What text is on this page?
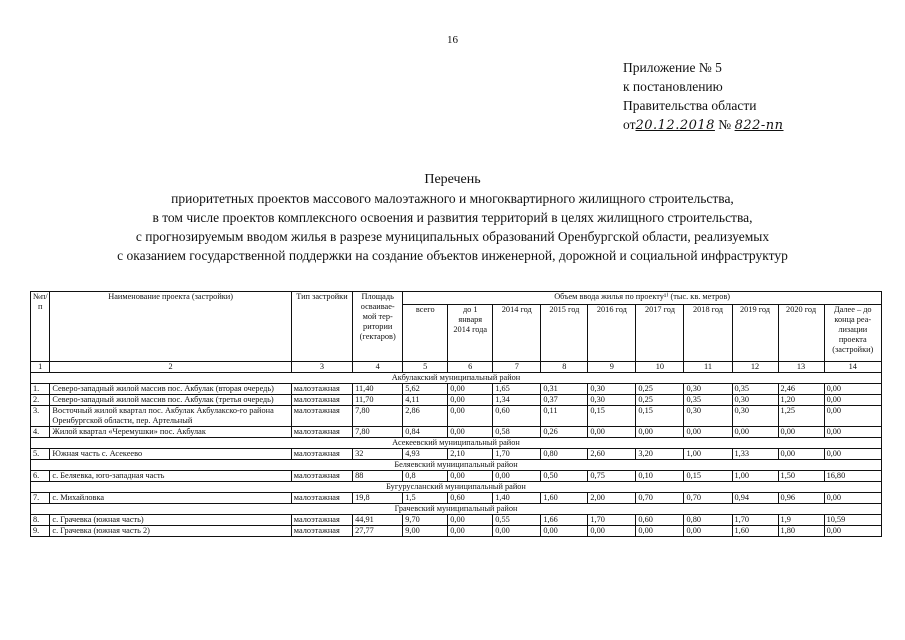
16
Приложение № 5
к постановлению
Правительства области
от20.12.2018 № 822-пп
Перечень
приоритетных проектов массового малоэтажного и многоквартирного жилищного строительства,
в том числе проектов комплексного освоения и развития территорий в целях жилищного строительства,
с прогнозируемым вводом жилья в разрезе муниципальных образований Оренбургской области, реализуемых
с оказанием государственной поддержки на создание объектов инженерной, дорожной и социальной инфраструктур
№п/п	Наименование проекта (застройки)	Тип застройки	Площадь осваивае-мой тер-ритории (гектаров)	Объем ввода жилья по проекту¹⁾ (тыс. кв. метров)									
				всего	до 1 января 2014 года	2014 год	2015 год	2016 год	2017 год	2018 год	2019 год	2020 год	Далее – до конца реа-лизации проекта (застройки)
1	2	3	4	5	6	7	8	9	10	11	12	13	14
Акбулакский муниципальный район													
1.	Северо-западный жилой массив пос. Акбулак (вторая очередь)	малоэтажная	11,40	5,62	0,00	1,65	0,31	0,30	0,25	0,30	0,35	2,46	0,00
2.	Северо-западный жилой массив пос. Акбулак (третья очередь)	малоэтажная	11,70	4,11	0,00	1,34	0,37	0,30	0,25	0,35	0,30	1,20	0,00
3.	Восточный жилой квартал пос. Акбулак Акбулакско-го района Оренбургской области, пер. Артельный	малоэтажная	7,80	2,86	0,00	0,60	0,11	0,15	0,15	0,30	0,30	1,25	0,00
4.	Жилой квартал «Черемушки» пос. Акбулак	малоэтажная	7,80	0,84	0,00	0,58	0,26	0,00	0,00	0,00	0,00	0,00	0,00
Асекеевский муниципальный район													
5.	Южная часть с. Асекеево	малоэтажная	32	4,93	2,10	1,70	0,80	2,60	3,20	1,00	1,33	0,00	0,00
Беляевский муниципальный район													
6.	с. Беляевка, юго-западная часть	малоэтажная	88	0,8	0,00	0,00	0,50	0,75	0,10	0,15	1,00	1,50	16,80
Бугурусланский муниципальный район													
7.	с. Михайловка	малоэтажная	19,8	1,5	0,60	1,40	1,60	2,00	0,70	0,70	0,94	0,96	0,00
Грачевский муниципальный район													
8.	с. Грачевка (южная часть)	малоэтажная	44,91	9,70	0,00	0,55	1,66	1,70	0,60	0,80	1,70	1,9	10,59
9.	с. Грачевка (южная часть 2)	малоэтажная	27,77	9,00	0,00	0,00	0,00	0,00	0,00	0,00	1,60	1,80	0,00
